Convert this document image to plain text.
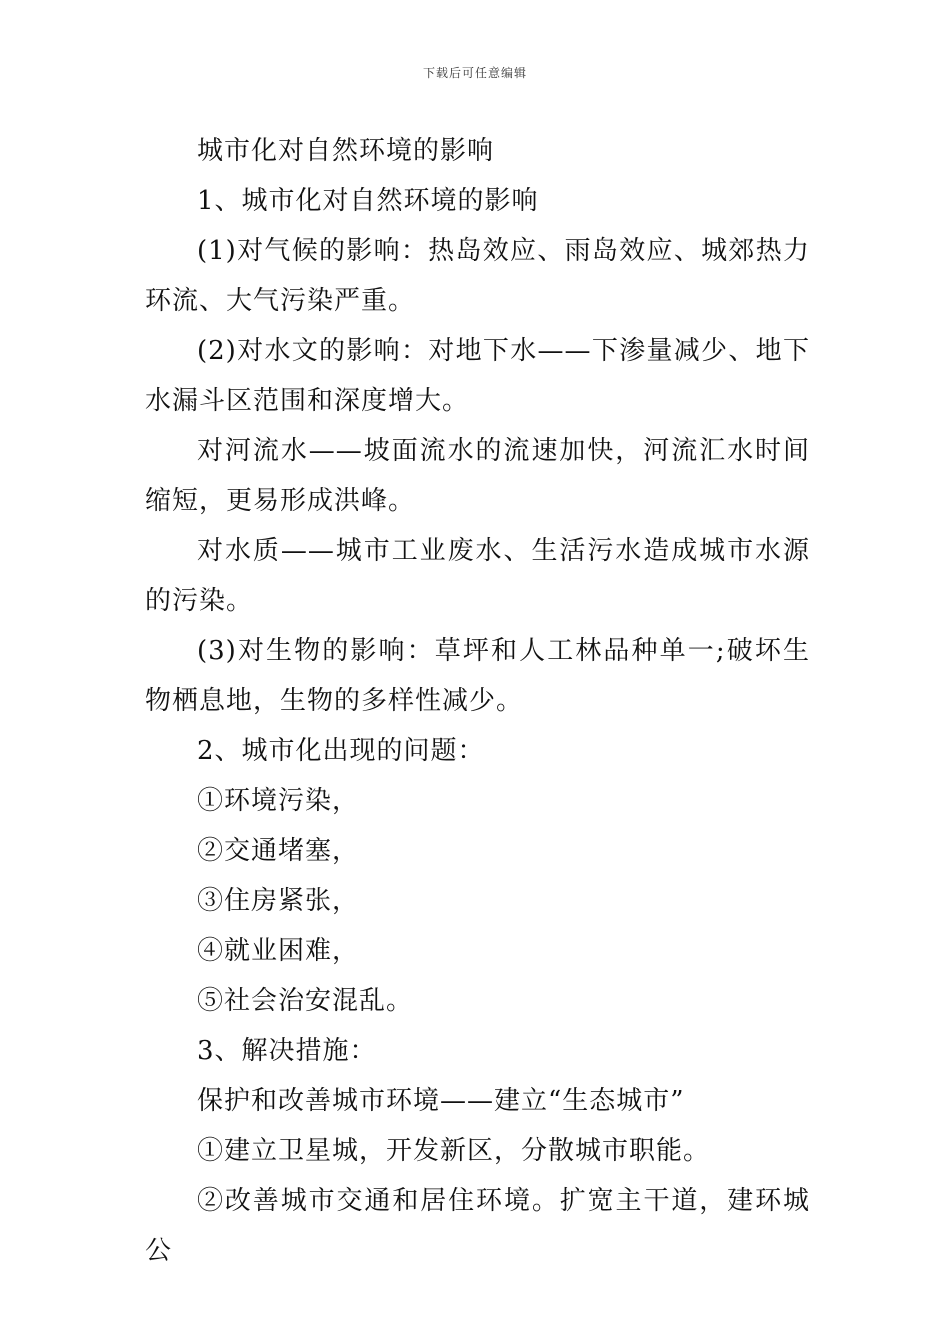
下载后可任意编辑

城市化对自然环境的影响

1、城市化对自然环境的影响

(1)对气候的影响：热岛效应、雨岛效应、城郊热力环流、大气污染严重。

(2)对水文的影响：对地下水——下渗量减少、地下水漏斗区范围和深度增大。

对河流水——坡面流水的流速加快，河流汇水时间缩短，更易形成洪峰。

对水质——城市工业废水、生活污水造成城市水源的污染。

(3)对生物的影响：草坪和人工林品种单一;破坏生物栖息地，生物的多样性减少。

2、城市化出现的问题：

①环境污染，

②交通堵塞，

③住房紧张，

④就业困难，

⑤社会治安混乱。

3、解决措施：

保护和改善城市环境——建立“生态城市”

①建立卫星城，开发新区，分散城市职能。

②改善城市交通和居住环境。扩宽主干道，建环城公
